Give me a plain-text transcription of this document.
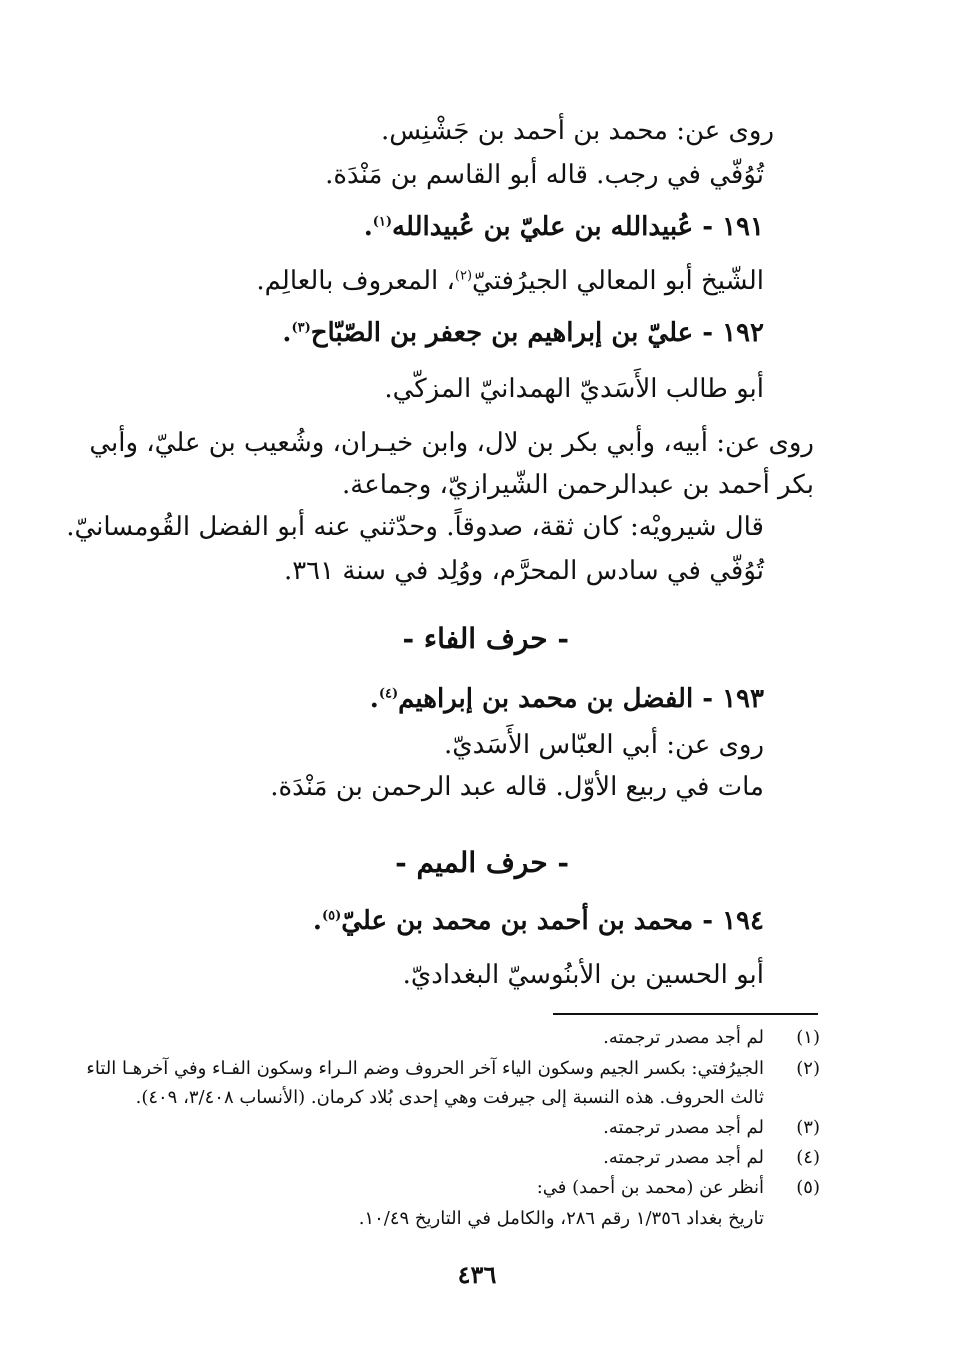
روى عن: محمد بن أحمد بن جَشْنِس.
تُوُفّي في رجب. قاله أبو القاسم بن مَنْدَة.
١٩١ - عُبيدالله بن عليّ بن عُبيدالله$^{(١)}$.
الشّيخ أبو المعالي الجيرُفتيّ$^{(٢)}$، المعروف بالعالِم.
١٩٢ - عليّ بن إبراهيم بن جعفر بن الصّبّاح$^{(٣)}$.
أبو طالب الأَسَديّ الهمدانيّ المزكّي.
روى عن: أبيه، وأبي بكر بن لال، وابن خيـران، وشُعيب بن عليّ، وأبي
بكر أحمد بن عبدالرحمن الشّيرازيّ، وجماعة.
قال شيرويْه: كان ثقة، صدوقاً. وحدّثني عنه أبو الفضل القُومسانيّ.
تُوُفّي في سادس المحرَّم، ووُلِد في سنة ٣٦١.
- حرف الفاء -
١٩٣ - الفضل بن محمد بن إبراهيم$^{(٤)}$.
روى عن: أبي العبّاس الأَسَديّ.
مات في ربيع الأوّل. قاله عبد الرحمن بن مَنْدَة.
- حرف الميم -
١٩٤ - محمد بن أحمد بن محمد بن عليّ$^{(٥)}$.
أبو الحسين بن الأبنُوسيّ البغداديّ.
(١)
لم أجد مصدر ترجمته.
(٢)
الجيرُفتي: بكسر الجيم وسكون الياء آخر الحروف وضم الـراء وسكون الفـاء وفي آخرهـا التاء
ثالث الحروف. هذه النسبة إلى جيرفت وهي إحدى بُلاد كرمان. (الأنساب ٣/٤٠٨، ٤٠٩).
(٣)
لم أجد مصدر ترجمته.
(٤)
لم أجد مصدر ترجمته.
(٥)
أنظر عن (محمد بن أحمد) في:
تاريخ بغداد ١/٣٥٦ رقم ٢٨٦، والكامل في التاريخ ١٠/٤٩.
٤٣٦
